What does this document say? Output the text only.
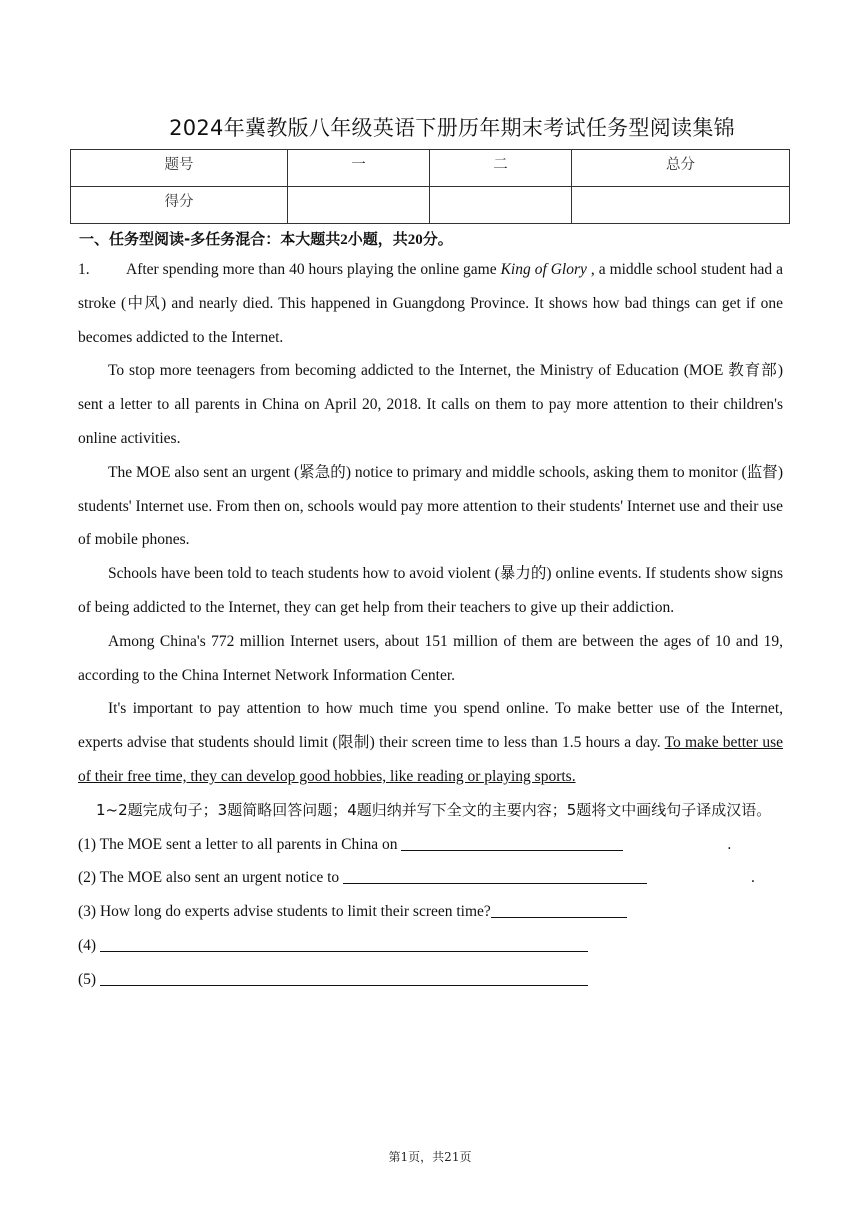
2024年冀教版八年级英语下册历年期末考试任务型阅读集锦
题号	一	二	总分
得分			
一、任务型阅读-多任务混合：本大题共2小题，共20分。

1. After spending more than 40 hours playing the online game King of Glory , a middle school student had a stroke (中风) and nearly died. This happened in Guangdong Province. It shows how bad things can get if one becomes addicted to the Internet.

To stop more teenagers from becoming addicted to the Internet, the Ministry of Education (MOE 教育部) sent a letter to all parents in China on April 20, 2018. It calls on them to pay more attention to their children's online activities.

The MOE also sent an urgent (紧急的) notice to primary and middle schools, asking them to monitor (监督) students' Internet use. From then on, schools would pay more attention to their students' Internet use and their use of mobile phones.

Schools have been told to teach students how to avoid violent (暴力的) online events. If students show signs of being addicted to the Internet, they can get help from their teachers to give up their addiction.

Among China's 772 million Internet users, about 151 million of them are between the ages of 10 and 19, according to the China Internet Network Information Center.

It's important to pay attention to how much time you spend online. To make better use of the Internet, experts advise that students should limit (限制) their screen time to less than 1.5 hours a day. To make better use of their free time, they can develop good hobbies, like reading or playing sports.

1~2题完成句子；3题简略回答问题；4题归纳并写下全文的主要内容；5题将文中画线句子译成汉语。

(1) The MOE sent a letter to all parents in China on	.

(2) The MOE also sent an urgent notice to	.

(3) How long do experts advise students to limit their screen time?

(4)

(5)

第1页，共21页
